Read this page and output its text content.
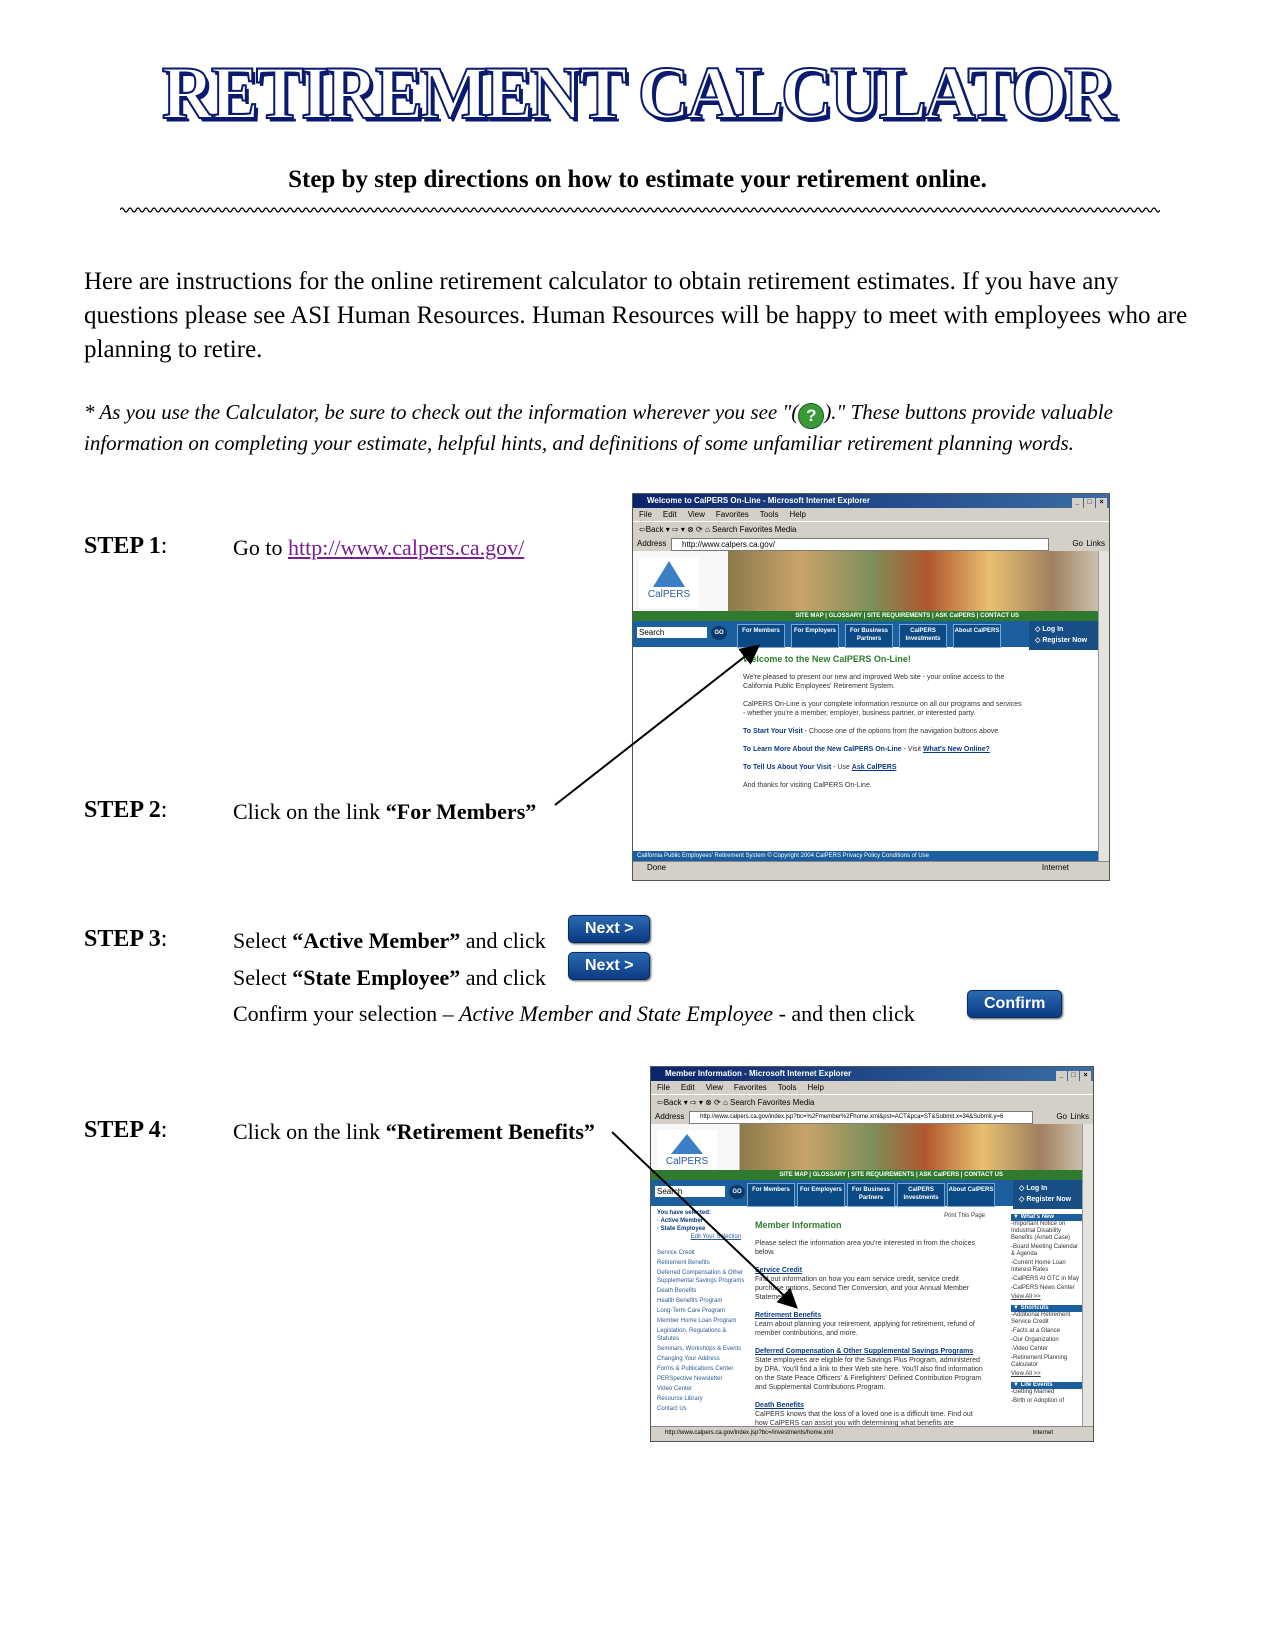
RETIREMENT CALCULATOR
Step by step directions on how to estimate your retirement online.
Here are instructions for the online retirement calculator to obtain retirement estimates. If you have any questions please see ASI Human Resources. Human Resources will be happy to meet with employees who are planning to retire.
* As you use the Calculator, be sure to check out the information wherever you see "( ? )." These buttons provide valuable information on completing your estimate, helpful hints, and definitions of some unfamiliar retirement planning words.
STEP 1:	Go to http://www.calpers.ca.gov/
STEP 2:	Click on the link “For Members”
STEP 3:	Select “Active Member” and click	Next >
Select “State Employee” and click	Next >
Confirm your selection – Active Member and State Employee - and then click	Confirm
STEP 4:	Click on the link “Retirement Benefits”
Welcome to CalPERS On-Line - Microsoft Internet Explorer	_ □ ×
File Edit View Favorites Tools Help
⇦Back ▾ ⇨ ▾ ⊗ ⟳ ⌂ Search Favorites Media
Address	http://www.calpers.ca.gov/	Go Links
CalPERS
SITE MAP | GLOSSARY | SITE REQUIREMENTS | ASK CalPERS | CONTACT US
Search	GO	For Members	For Employers	For Business Partners
CalPERS Investments
About CalPERS	◇ Log In
◇ Register Now
Welcome to the New CalPERS On-Line!

We're pleased to present our new and improved Web site - your online access to the California Public Employees' Retirement System.

CalPERS On-Line is your complete information resource on all our programs and services - whether you're a member, employer, business partner, or interested party.

To Start Your Visit - Choose one of the options from the navigation buttons above.

To Learn More About the New CalPERS On-Line - Visit What's New Online?

To Tell Us About Your Visit - Use Ask CalPERS

And thanks for visiting CalPERS On-Line.
California Public Employees' Retirement System © Copyright 2004 CalPERS Privacy Policy Conditions of Use
Done	Internet
Member Information - Microsoft Internet Explorer	_ □ ×
File Edit View Favorites Tools Help
⇦Back ▾ ⇨ ▾ ⊗ ⟳ ⌂ Search Favorites Media
Address	http://www.calpers.ca.gov/index.jsp?bc=%2Fmember%2Fhome.xml&pst=ACT&pca=ST&Submit.x=34&Submit.y=6	Go Links
CalPERS
SITE MAP | GLOSSARY | SITE REQUIREMENTS | ASK CalPERS | CONTACT US
Search	GO	For Members	For Employers	For Business Partners
CalPERS Investments
About CalPERS	◇ Log In
◇ Register Now
You have selected:
· Active Member
· State Employee
Edit Your Selection

Service Credit
Retirement Benefits
Deferred Compensation & Other Supplemental Savings Programs
Death Benefits
Health Benefits Program
Long-Term Care Program
Member Home Loan Program
Legislation, Regulations & Statutes
Seminars, Workshops & Events
Changing Your Address
Forms & Publications Center
PERSpective Newsletter
Video Center
Resource Library
Contact Us
Print This Page
Member Information

Please select the information area you're interested in from the choices below.

Service Credit
Find out information on how you earn service credit, service credit purchase options, Second Tier Conversion, and your Annual Member Statement.

Retirement Benefits
Learn about planning your retirement, applying for retirement, refund of member contributions, and more.

Deferred Compensation & Other Supplemental Savings Programs
State employees are eligible for the Savings Plus Program, administered by DPA. You'll find a link to their Web site here. You'll also find information on the State Peace Officers' & Firefighters' Defined Contribution Program and Supplemental Contributions Program.

Death Benefits
CalPERS knows that the loss of a loved one is a difficult time. Find out how CalPERS can assist you with determining what benefits are
▼ What's New
-Important Notice on Industrial Disability Benefits (Arnett Case)
-Board Meeting Calendar & Agenda
-Current Home Loan Interest Rates
-CalPERS At GTC in May
-CalPERS News Center
View All >>
▼ Shortcuts
-Additional Retirement Service Credit
-Facts at a Glance
-Our Organization
-Video Center
-Retirement Planning Calculator
View All >>
▼ Life Events
-Getting Married
-Birth or Adoption of
http://www.calpers.ca.gov/index.jsp?bc=/investments/home.xml	Internet
